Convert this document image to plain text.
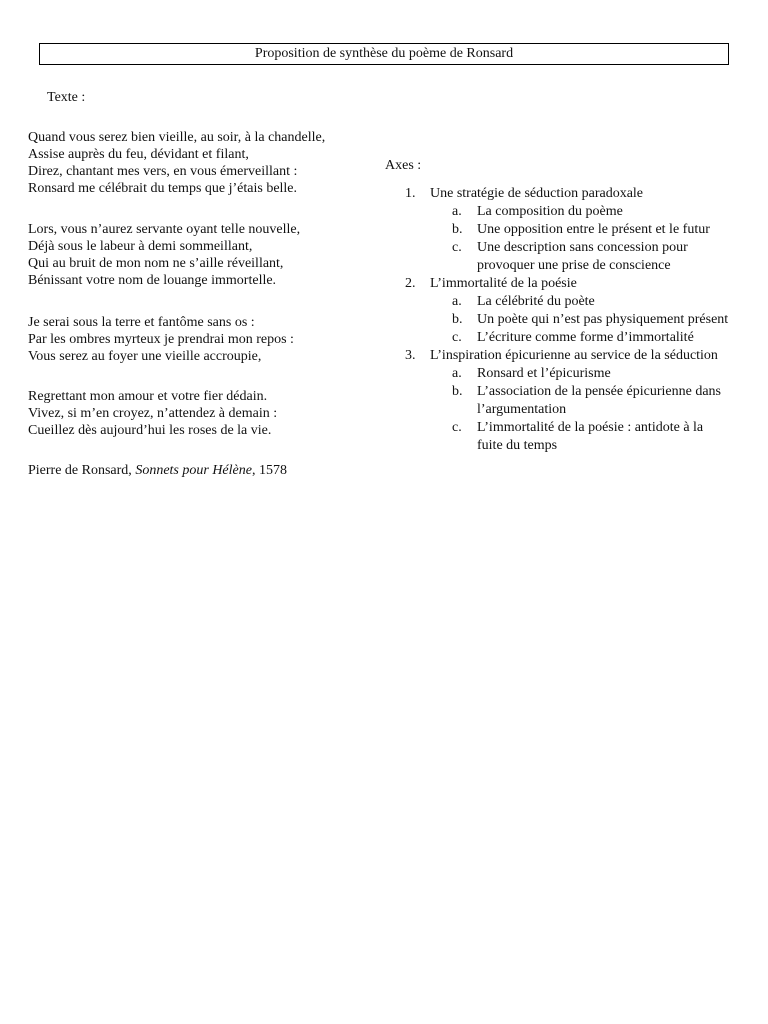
Proposition de synthèse du poème de Ronsard
Texte :

Quand vous serez bien vieille, au soir, à la chandelle,
Assise auprès du feu, dévidant et filant,
Direz, chantant mes vers, en vous émerveillant :
Ronsard me célébrait du temps que j’étais belle.

Lors, vous n’aurez servante oyant telle nouvelle,
Déjà sous le labeur à demi sommeillant,
Qui au bruit de mon nom ne s’aille réveillant,
Bénissant votre nom de louange immortelle.

Je serai sous la terre et fantôme sans os :
Par les ombres myrteux je prendrai mon repos :
Vous serez au foyer une vieille accroupie,

Regrettant mon amour et votre fier dédain.
Vivez, si m’en croyez, n’attendez à demain :
Cueillez dès aujourd’hui les roses de la vie.

Pierre de Ronsard, Sonnets pour Hélène, 1578
Axes :
1. Une stratégie de séduction paradoxale
a. La composition du poème
b. Une opposition entre le présent et le futur
c. Une description sans concession pour provoquer une prise de conscience
2. L’immortalité de la poésie
a. La célébrité du poète
b. Un poète qui n’est pas physiquement présent
c. L’écriture comme forme d’immortalité
3. L’inspiration épicurienne au service de la séduction
a. Ronsard et l’épicurisme
b. L’association de la pensée épicurienne dans l’argumentation
c. L’immortalité de la poésie : antidote à la fuite du temps
